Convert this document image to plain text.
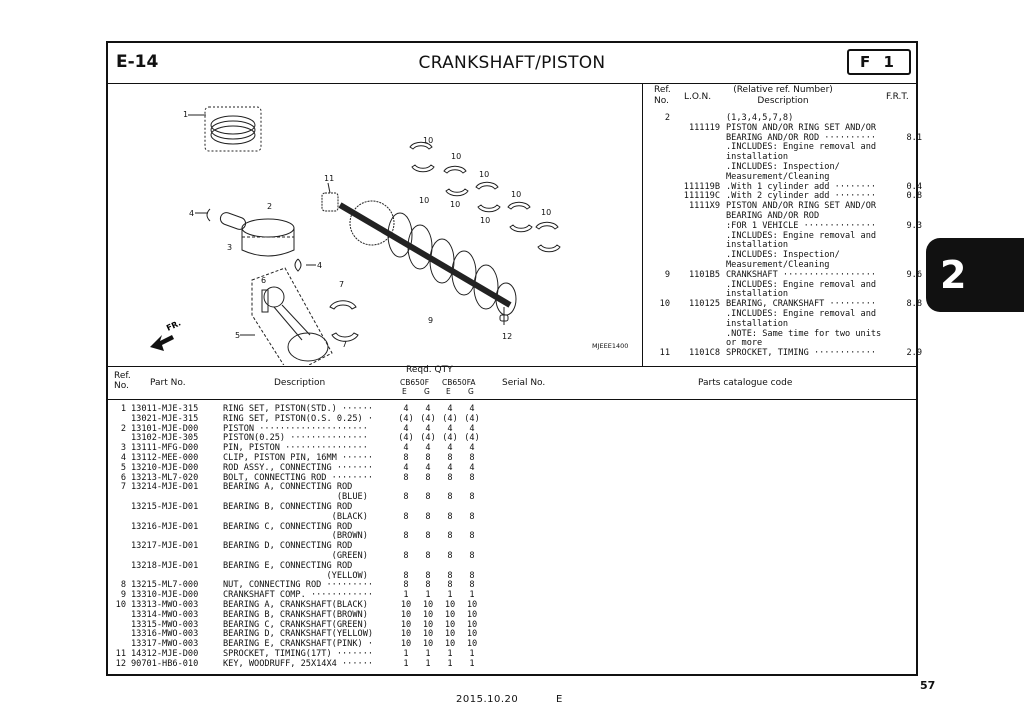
E-14	CRANKSHAFT/PISTON	F 1
FR.
1
2
3
4
4
5
6	7
7
9
10
10
10
10
10
10
10
10
11
12
MJEEE1400
Ref.
No. L.O.N.
(Relative ref. Number)
Description	F.R.T.
2	(1,3,4,5,7,8)
111119 PISTON AND/OR RING SET AND/OR
BEARING AND/OR ROD ··········	8.1
.INCLUDES: Engine removal and
installation
.INCLUDES: Inspection/
Measurement/Cleaning
111119B .With 1 cylinder add ········	0.4
111119C .With 2 cylinder add ········	0.8
1111X9 PISTON AND/OR RING SET AND/OR
BEARING AND/OR ROD
:FOR 1 VEHICLE ··············	9.3
.INCLUDES: Engine removal and
installation
.INCLUDES: Inspection/
Measurement/Cleaning
9	1101B5 CRANKSHAFT ··················	9.6
.INCLUDES: Engine removal and
installation
10	110125 BEARING, CRANKSHAFT ·········	8.8
.INCLUDES: Engine removal and
installation
.NOTE: Same time for two units
or more
11	1101C8 SPROCKET, TIMING ············	2.9
Ref.
No. Part No.	Description
Reqd. QTY
CB650F CB650FA
E G E G
Serial No.	Parts catalogue code
1 13011-MJE-315	RING SET, PISTON(STD.) ······	4	4	4	4
13021-MJE-315	RING SET, PISTON(O.S. 0.25) ·	(4) (4) (4) (4)
2 13101-MJE-D00	PISTON ·····················	4	4	4	4
13102-MJE-305	PISTON(0.25) ···············	(4) (4) (4) (4)
3 13111-MFG-D00	PIN, PISTON ················	4	4	4	4
4 13112-MEE-000	CLIP, PISTON PIN, 16MM ······	8	8	8	8
5 13210-MJE-D00	ROD ASSY., CONNECTING ·······	4	4	4	4
6 13213-ML7-020	BOLT, CONNECTING ROD ········	8	8	8	8
7 13214-MJE-D01	BEARING A, CONNECTING ROD
(BLUE)	8	8	8	8
13215-MJE-D01	BEARING B, CONNECTING ROD
(BLACK)	8	8	8	8
13216-MJE-D01	BEARING C, CONNECTING ROD
(BROWN)	8	8	8	8
13217-MJE-D01	BEARING D, CONNECTING ROD
(GREEN)	8	8	8	8
13218-MJE-D01	BEARING E, CONNECTING ROD
(YELLOW)	8	8	8	8
8 13215-ML7-000	NUT, CONNECTING ROD ·········	8	8	8	8
9 13310-MJE-D00	CRANKSHAFT COMP. ············	1	1	1	1
10 13313-MWO-003	BEARING A, CRANKSHAFT(BLACK)	10	10	10	10
13314-MWO-003	BEARING B, CRANKSHAFT(BROWN)	10	10	10	10
13315-MWO-003	BEARING C, CRANKSHAFT(GREEN)	10	10	10	10
13316-MWO-003	BEARING D, CRANKSHAFT(YELLOW)	10	10	10	10
13317-MWO-003	BEARING E, CRANKSHAFT(PINK) ·	10	10	10	10
11 14312-MJE-D00	SPROCKET, TIMING(17T) ·······	1	1	1	1
12 90701-HB6-010	KEY, WOODRUFF, 25X14X4 ······	1	1	1	1
2
57
2015.10.20	E
